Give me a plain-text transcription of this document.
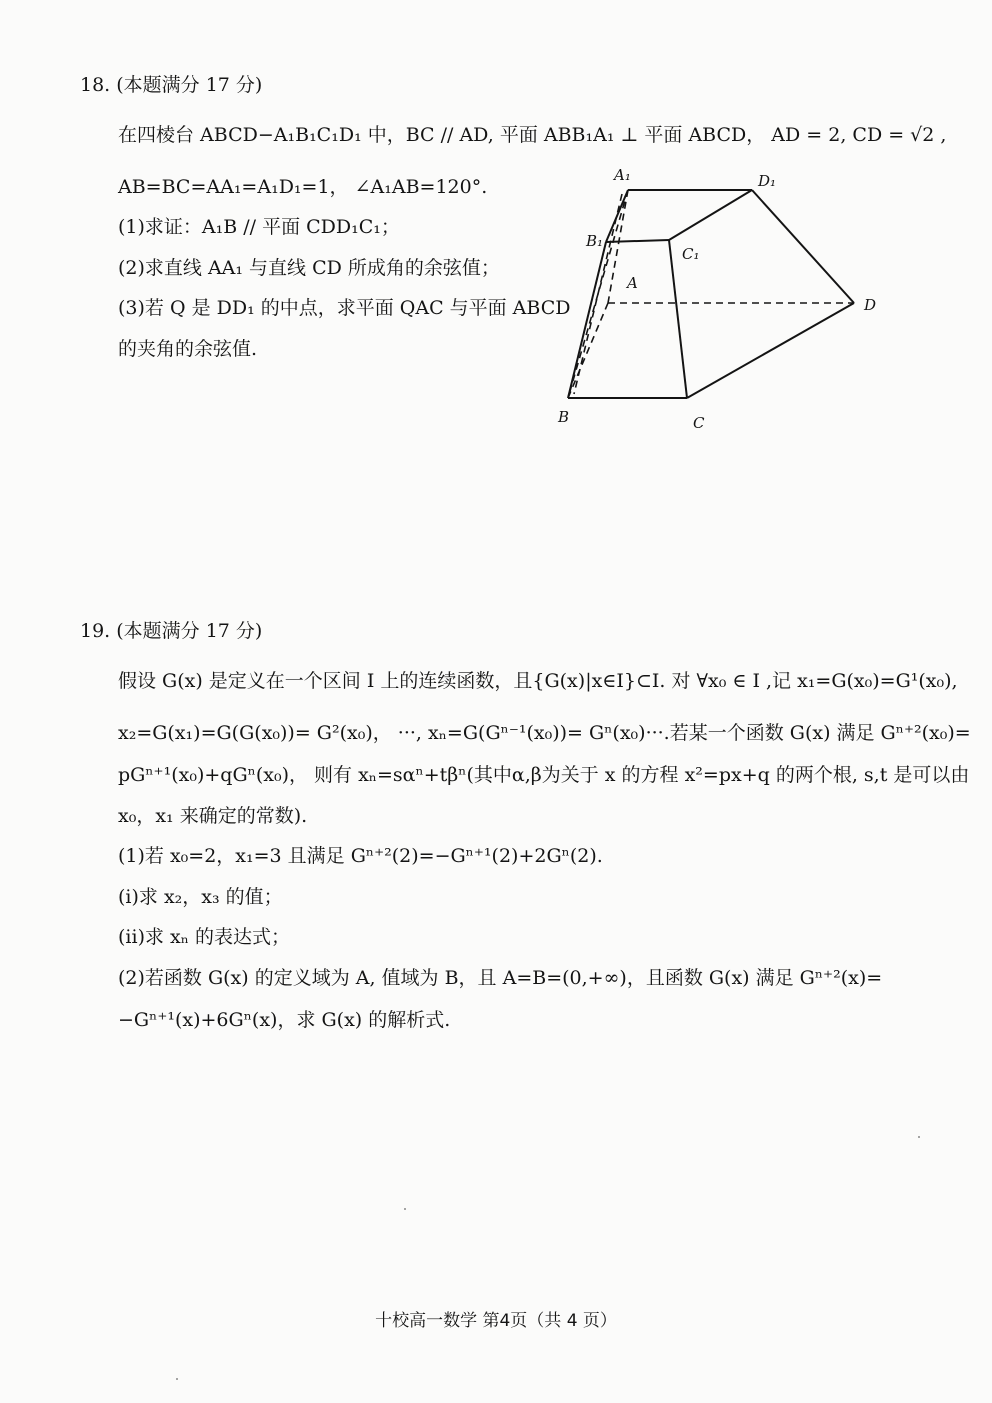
18. (本题满分 17 分)
在四棱台 ABCD−A₁B₁C₁D₁ 中，BC // AD, 平面 ABB₁A₁ ⊥ 平面 ABCD， AD = 2, CD = √2 ,
AB=BC=AA₁=A₁D₁=1， ∠A₁AB=120°.
(1)求证：A₁B // 平面 CDD₁C₁；
(2)求直线 AA₁ 与直线 CD 所成角的余弦值；
(3)若 Q 是 DD₁ 的中点，求平面 QAC 与平面 ABCD
的夹角的余弦值.
A₁	D₁
B₁
C₁
A
D
B	C
19. (本题满分 17 分)
假设 G(x) 是定义在一个区间 I 上的连续函数，且{G(x)|x∈I}⊂I. 对 ∀x₀ ∈ I ,记 x₁=G(x₀)=G¹(x₀),
x₂=G(x₁)=G(G(x₀))= G²(x₀)， ···, xₙ=G(Gⁿ⁻¹(x₀))= Gⁿ(x₀)···.若某一个函数 G(x) 满足 Gⁿ⁺²(x₀)=
pGⁿ⁺¹(x₀)+qGⁿ(x₀)， 则有 xₙ=sαⁿ+tβⁿ(其中α,β为关于 x 的方程 x²=px+q 的两个根, s,t 是可以由
x₀，x₁ 来确定的常数).
(1)若 x₀=2，x₁=3 且满足 Gⁿ⁺²(2)=−Gⁿ⁺¹(2)+2Gⁿ(2).
(i)求 x₂，x₃ 的值；
(ii)求 xₙ 的表达式；
(2)若函数 G(x) 的定义域为 A, 值域为 B，且 A=B=(0,+∞)，且函数 G(x) 满足 Gⁿ⁺²(x)=
−Gⁿ⁺¹(x)+6Gⁿ(x)，求 G(x) 的解析式.
十校高一数学 第4页（共 4 页）
